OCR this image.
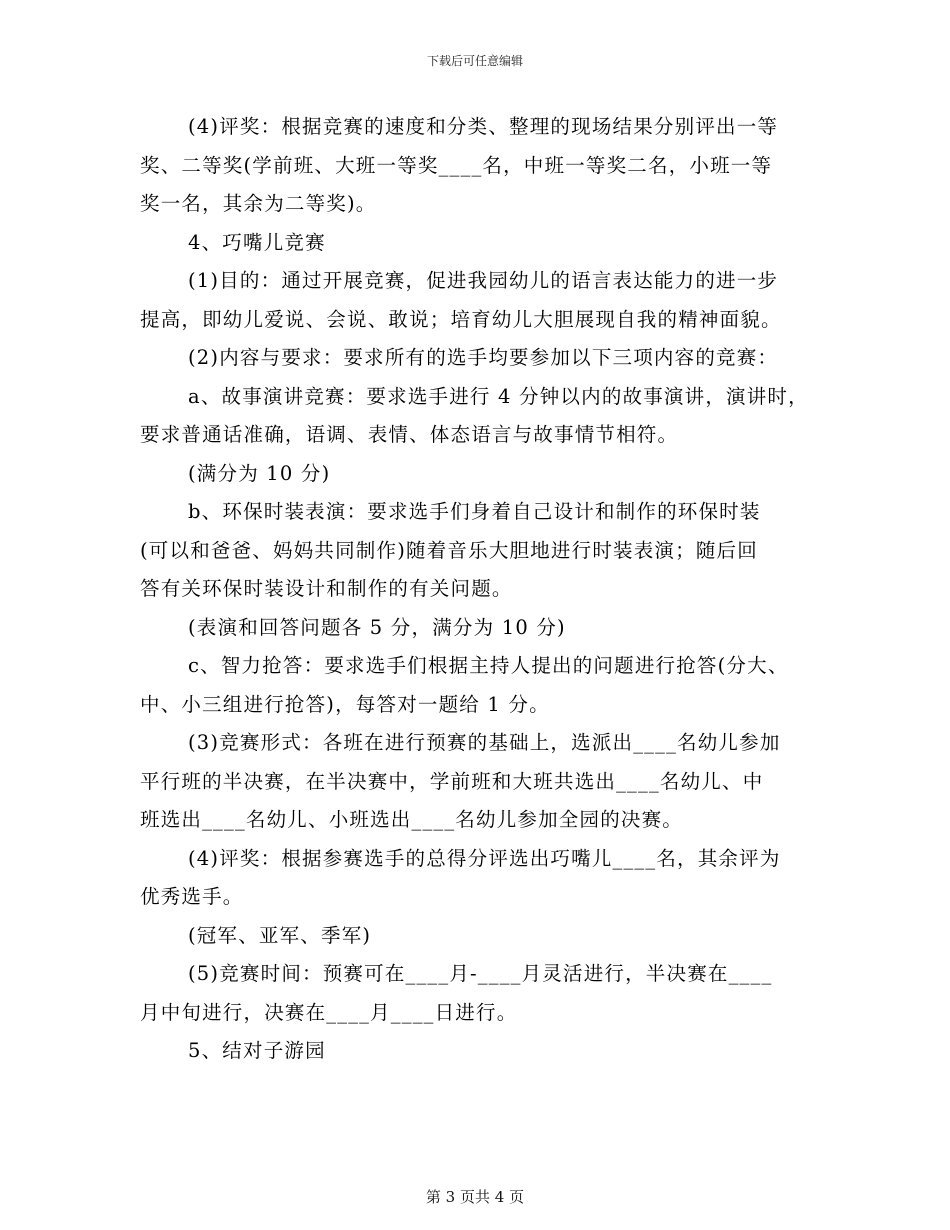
下载后可任意编辑
(4)评奖：根据竞赛的速度和分类、整理的现场结果分别评出一等
奖、二等奖(学前班、大班一等奖____名，中班一等奖二名，小班一等
奖一名，其余为二等奖)。
4、巧嘴儿竞赛
(1)目的：通过开展竞赛，促进我园幼儿的语言表达能力的进一步
提高，即幼儿爱说、会说、敢说；培育幼儿大胆展现自我的精神面貌。
(2)内容与要求：要求所有的选手均要参加以下三项内容的竞赛：
a、故事演讲竞赛：要求选手进行 4 分钟以内的故事演讲，演讲时，
要求普通话准确，语调、表情、体态语言与故事情节相符。
(满分为 10 分)
b、环保时装表演：要求选手们身着自己设计和制作的环保时装
(可以和爸爸、妈妈共同制作)随着音乐大胆地进行时装表演；随后回
答有关环保时装设计和制作的有关问题。
(表演和回答问题各 5 分，满分为 10 分)
c、智力抢答：要求选手们根据主持人提出的问题进行抢答(分大、
中、小三组进行抢答)，每答对一题给 1 分。
(3)竞赛形式：各班在进行预赛的基础上，选派出____名幼儿参加
平行班的半决赛，在半决赛中，学前班和大班共选出____名幼儿、中
班选出____名幼儿、小班选出____名幼儿参加全园的决赛。
(4)评奖：根据参赛选手的总得分评选出巧嘴儿____名，其余评为
优秀选手。
(冠军、亚军、季军)
(5)竞赛时间：预赛可在____月-____月灵活进行，半决赛在____
月中旬进行，决赛在____月____日进行。
5、结对子游园
第 3 页共 4 页
